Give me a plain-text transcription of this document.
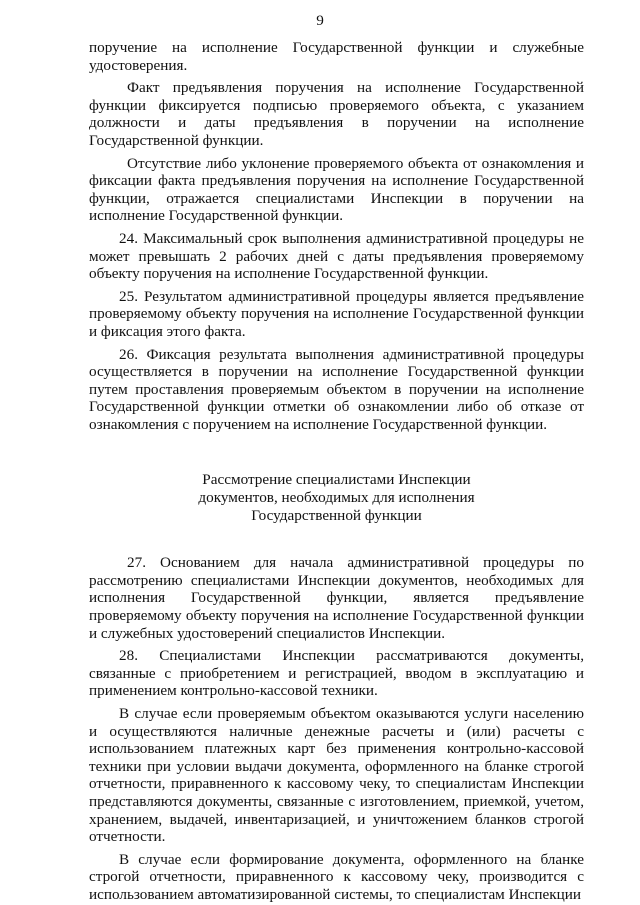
9

поручение на исполнение Государственной функции и служебные удостоверения.

Факт предъявления поручения на исполнение Государственной функции фиксируется подписью проверяемого объекта, с указанием должности и даты предъявления в поручении на исполнение Государственной функции.

Отсутствие либо уклонение проверяемого объекта от ознакомления и фиксации факта предъявления поручения на исполнение Государственной функции, отражается специалистами Инспекции в поручении на исполнение Государственной функции.

24. Максимальный срок выполнения административной процедуры не может превышать 2 рабочих дней с даты предъявления проверяемому объекту поручения на исполнение Государственной функции.

25. Результатом административной процедуры является предъявление проверяемому объекту поручения на исполнение Государственной функции и фиксация этого факта.

26. Фиксация результата выполнения административной процедуры осуществляется в поручении на исполнение Государственной функции путем проставления проверяемым объектом в поручении на исполнение Государственной функции отметки об ознакомлении либо об отказе от ознакомления с поручением на исполнение Государственной функции.

Рассмотрение специалистами Инспекции
документов, необходимых для исполнения
Государственной функции

27. Основанием для начала административной процедуры по рассмотрению специалистами Инспекции документов, необходимых для исполнения Государственной функции, является предъявление проверяемому объекту поручения на исполнение Государственной функции и служебных удостоверений специалистов Инспекции.

28. Специалистами Инспекции рассматриваются документы, связанные с приобретением и регистрацией, вводом в эксплуатацию и применением контрольно-кассовой техники.

В случае если проверяемым объектом оказываются услуги населению и осуществляются наличные денежные расчеты и (или) расчеты с использованием платежных карт без применения контрольно-кассовой техники при условии выдачи документа, оформленного на бланке строгой отчетности, приравненного к кассовому чеку, то специалистам Инспекции представляются документы, связанные с изготовлением, приемкой, учетом, хранением, выдачей, инвентаризацией, и уничтожением бланков строгой отчетности.

В случае если формирование документа, оформленного на бланке строгой отчетности, приравненного к кассовому чеку, производится с использованием автоматизированной системы, то специалистам Инспекции
